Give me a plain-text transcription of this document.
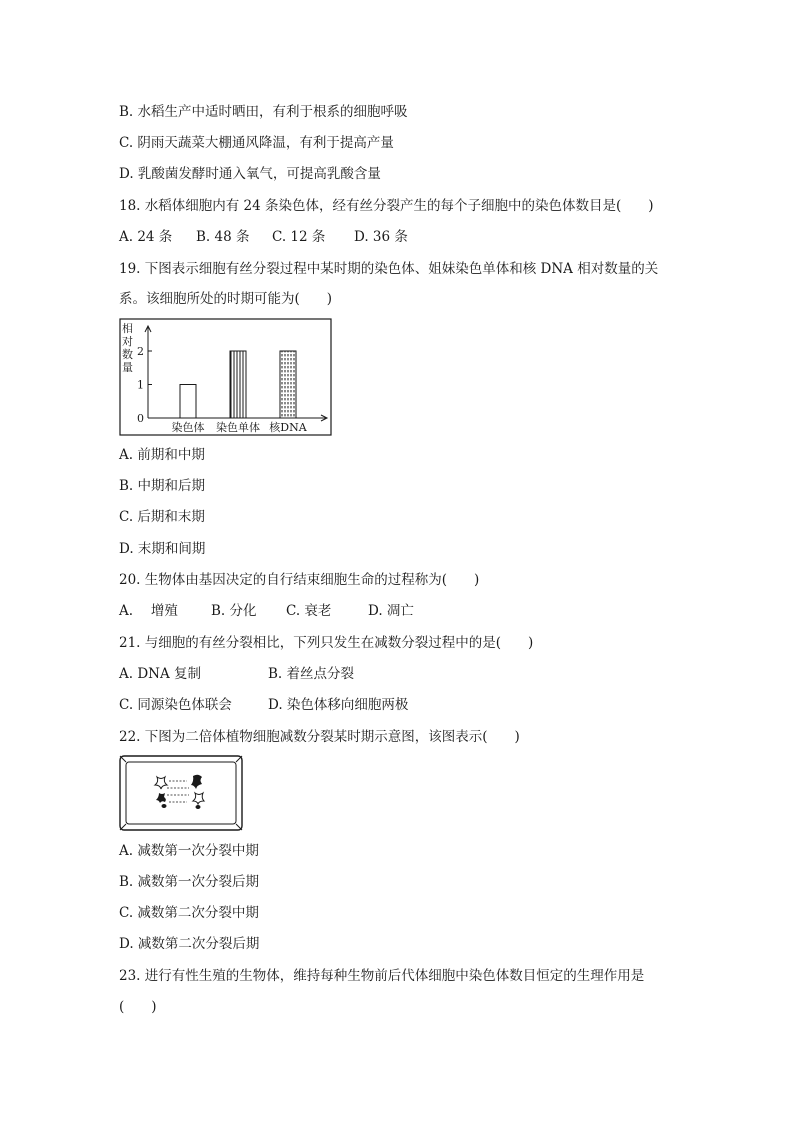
B. 水稻生产中适时晒田，有利于根系的细胞呼吸
C. 阴雨天蔬菜大棚通风降温，有利于提高产量
D. 乳酸菌发酵时通入氧气，可提高乳酸含量
18. 水稻体细胞内有 24 条染色体，经有丝分裂产生的每个子细胞中的染色体数目是(　　)
A. 24 条 B. 48 条 C. 12 条 D. 36 条
19. 下图表示细胞有丝分裂过程中某时期的染色体、姐妹染色单体和核 DNA 相对数量的关
系。该细胞所处的时期可能为(　　)
相
对
数
量
0
1
2
染色体 染色单体 核DNA
A. 前期和中期
B. 中期和后期
C. 后期和末期
D. 末期和间期
20. 生物体由基因决定的自行结束细胞生命的过程称为(　　)
A.　 增殖 B. 分化 C. 衰老	D. 凋亡
21. 与细胞的有丝分裂相比，下列只发生在减数分裂过程中的是(　　)
A. DNA 复制	B. 着丝点分裂
C. 同源染色体联会	D. 染色体移向细胞两极
22. 下图为二倍体植物细胞减数分裂某时期示意图，该图表示(　　)
A. 减数第一次分裂中期
B. 减数第一次分裂后期
C. 减数第二次分裂中期
D. 减数第二次分裂后期
23. 进行有性生殖的生物体，维持每种生物前后代体细胞中染色体数目恒定的生理作用是
(　　)
